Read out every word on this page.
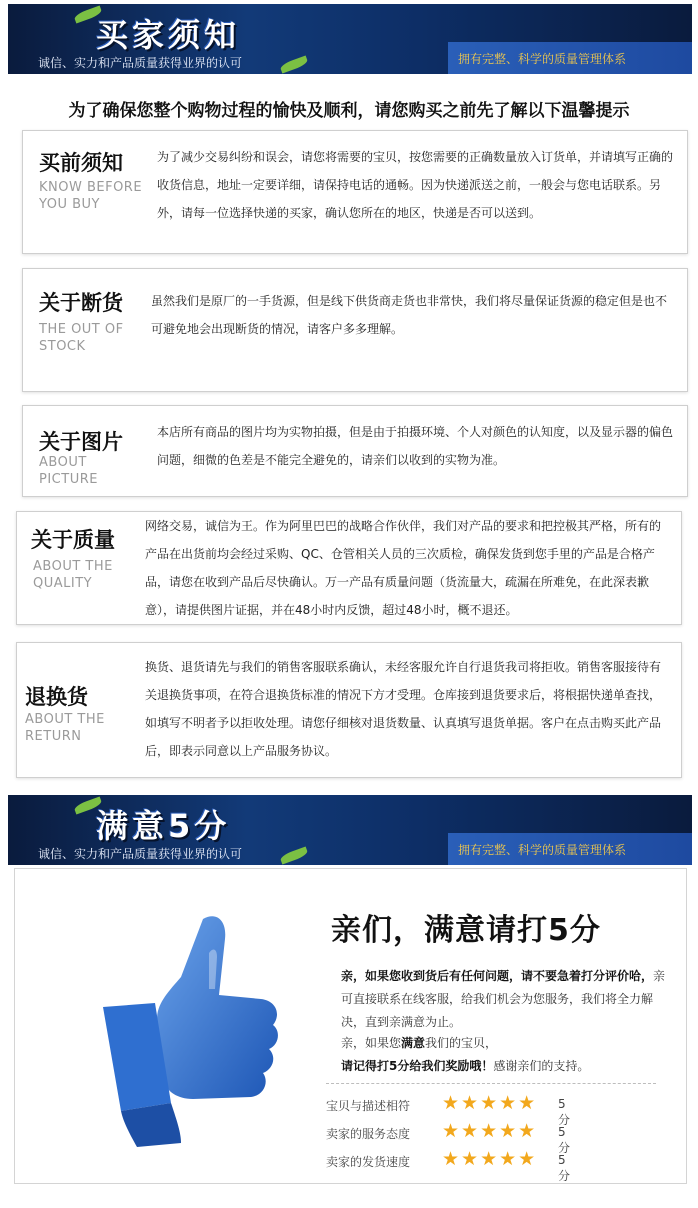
买家须知
诚信、实力和产品质量获得业界的认可	拥有完整、科学的质量管理体系
为了确保您整个购物过程的愉快及顺利，请您购买之前先了解以下温馨提示
买前须知
KNOW BEFORE
YOU BUY
为了减少交易纠纷和误会，请您将需要的宝贝，按您需要的正确数量放入订货单，并请填写正确的收货信息，地址一定要详细，请保持电话的通畅。因为快递派送之前，一般会与您电话联系。另外，请每一位选择快递的买家，确认您所在的地区，快递是否可以送到。
关于断货
THE OUT OF
STOCK
虽然我们是原厂的一手货源，但是线下供货商走货也非常快，我们将尽量保证货源的稳定但是也不可避免地会出现断货的情况，请客户多多理解。
关于图片
ABOUT
PICTURE
本店所有商品的图片均为实物拍摄，但是由于拍摄环境、个人对颜色的认知度，以及显示器的偏色问题，细微的色差是不能完全避免的，请亲们以收到的实物为准。
关于质量
ABOUT THE
QUALITY
网络交易，诚信为王。作为阿里巴巴的战略合作伙伴，我们对产品的要求和把控极其严格，所有的产品在出货前均会经过采购、QC、仓管相关人员的三次质检，确保发货到您手里的产品是合格产品，请您在收到产品后尽快确认。万一产品有质量问题（货流量大，疏漏在所难免，在此深表歉意），请提供图片证据，并在48小时内反馈，超过48小时，概不退还。
退换货
ABOUT THE
RETURN
换货、退货请先与我们的销售客服联系确认，未经客服允许自行退货我司将拒收。销售客服接待有关退换货事项，在符合退换货标准的情况下方才受理。仓库接到退货要求后，将根据快递单查找，如填写不明者予以拒收处理。请您仔细核对退货数量、认真填写退货单据。客户在点击购买此产品后，即表示同意以上产品服务协议。
满意5分
诚信、实力和产品质量获得业界的认可	拥有完整、科学的质量管理体系
亲们，满意请打5分
亲，如果您收到货后有任何问题，请不要急着打分评价哈，亲可直接联系在线客服，给我们机会为您服务，我们将全力解决，直到亲满意为止。
亲，如果您满意我们的宝贝，
请记得打5分给我们奖励哦！感谢亲们的支持。
宝贝与描述相符 ★★★★★ 5分
卖家的服务态度 ★★★★★ 5分
卖家的发货速度 ★★★★★ 5分
